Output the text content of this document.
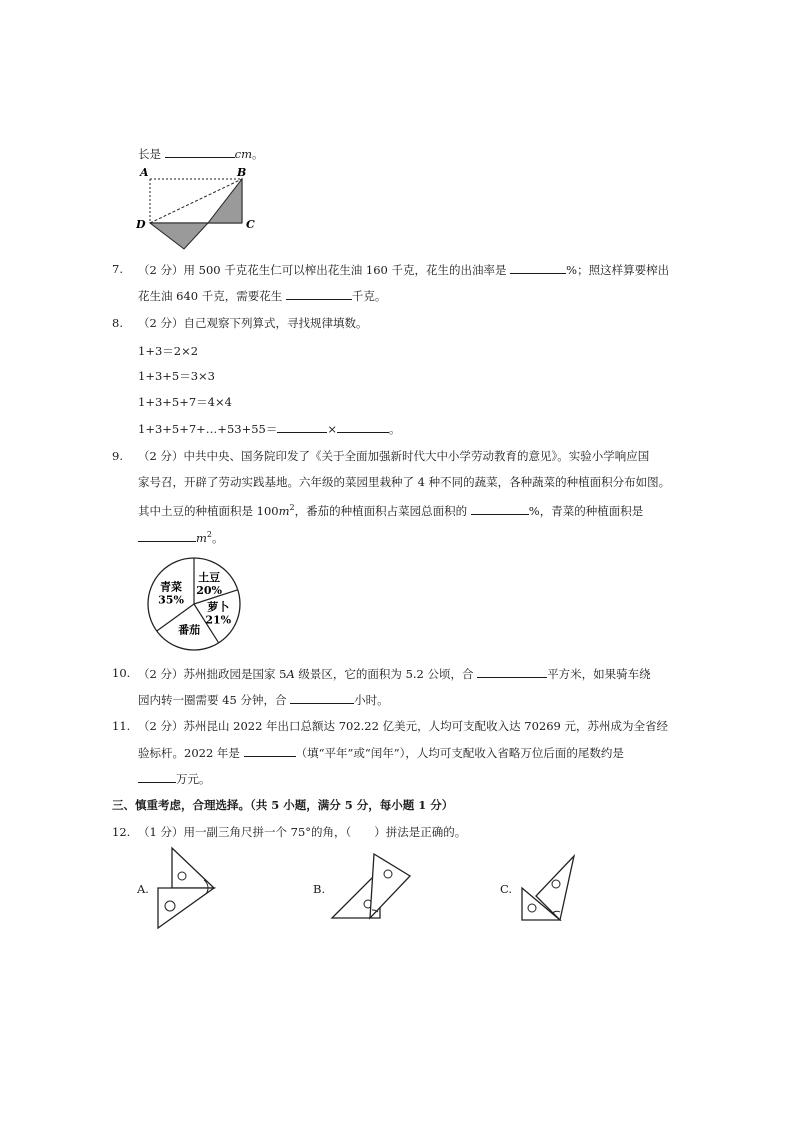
长是	cm。
A	B
C
D
7. （2 分）用 500 千克花生仁可以榨出花生油 160 千克，花生的出油率是	%；照这样算要榨出
花生油 640 千克，需要花生	千克。
8. （2 分）自己观察下列算式，寻找规律填数。
1+3＝2×2
1+3+5＝3×3
1+3+5+7＝4×4
1+3+5+7+…+53+55＝	×	。
9. （2 分）中共中央、国务院印发了《关于全面加强新时代大中小学劳动教育的意见》。实验小学响应国
家号召，开辟了劳动实践基地。六年级的菜园里栽种了 4 种不同的蔬菜，各种蔬菜的种植面积分布如图。
其中土豆的种植面积是 $100m^2$，番茄的种植面积占菜园总面积的	%，青菜的种植面积是
$m^2$。
土豆
20%
萝卜
21%
番茄
青菜
35%
10. （2 分）苏州拙政园是国家 5A 级景区，它的面积为 5.2 公顷，合	平方米，如果骑车绕
园内转一圈需要 45 分钟，合	小时。
11. （2 分）苏州昆山 2022 年出口总额达 702.22 亿美元，人均可支配收入达 70269 元，苏州成为全省经
验标杆。2022 年是	（填“平年”或“闰年”），人均可支配收入省略万位后面的尾数约是
万元。
三、慎重考虑，合理选择。（共 5 小题，满分 5 分，每小题 1 分）
12. （1 分）用一副三角尺拼一个 75°的角，（　　）拼法是正确的。
A.	B.	C.
